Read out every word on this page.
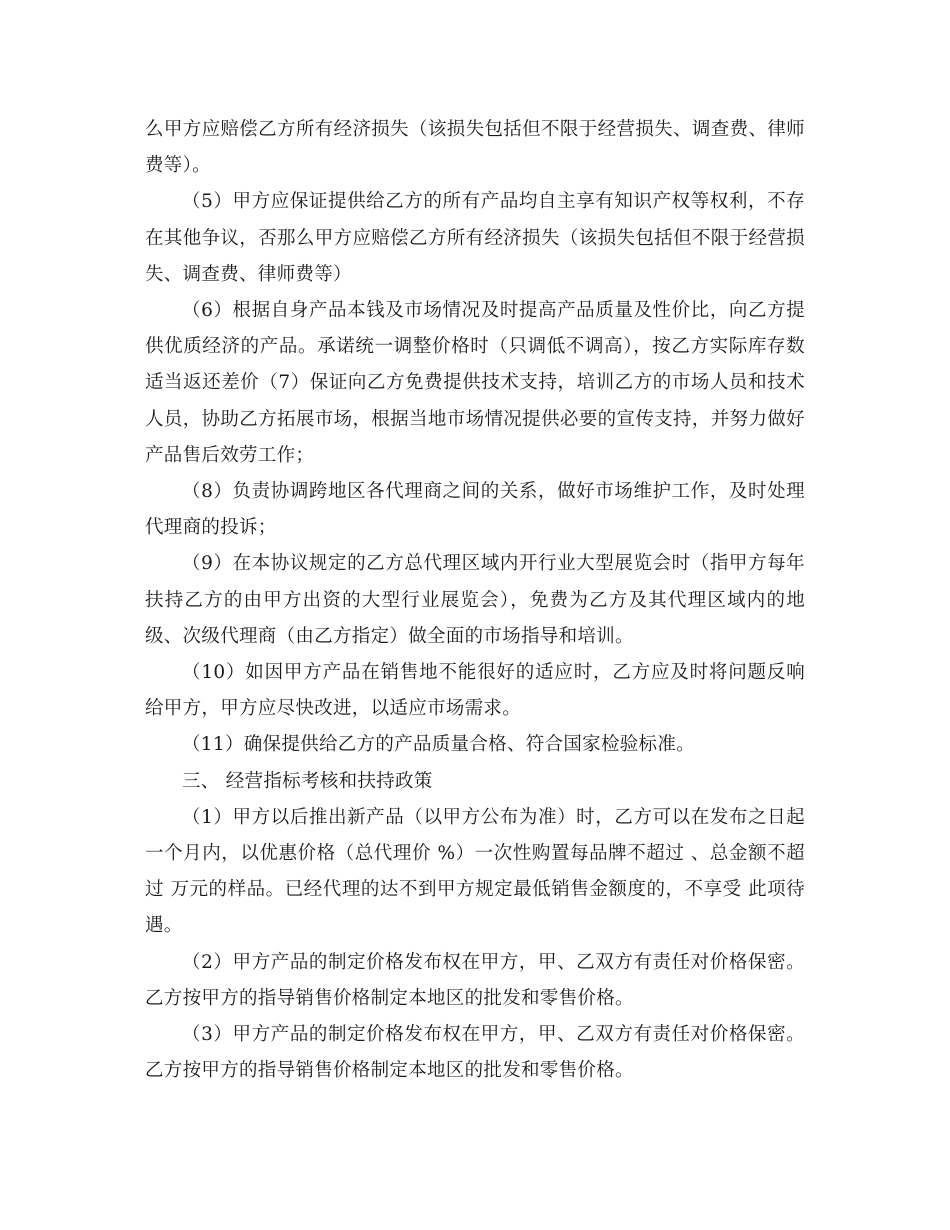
么甲方应赔偿乙方所有经济损失（该损失包括但不限于经营损失、调查费、律师费等）。

（5）甲方应保证提供给乙方的所有产品均自主享有知识产权等权利，不存在其他争议，否那么甲方应赔偿乙方所有经济损失（该损失包括但不限于经营损失、调查费、律师费等）

（6）根据自身产品本钱及市场情况及时提高产品质量及性价比，向乙方提供优质经济的产品。承诺统一调整价格时（只调低不调高），按乙方实际库存数适当返还差价（7）保证向乙方免费提供技术支持，培训乙方的市场人员和技术人员，协助乙方拓展市场，根据当地市场情况提供必要的宣传支持，并努力做好产品售后效劳工作；

（8）负责协调跨地区各代理商之间的关系，做好市场维护工作，及时处理代理商的投诉；

（9）在本协议规定的乙方总代理区域内开行业大型展览会时（指甲方每年扶持乙方的由甲方出资的大型行业展览会），免费为乙方及其代理区域内的地级、次级代理商（由乙方指定）做全面的市场指导和培训。

（10）如因甲方产品在销售地不能很好的适应时，乙方应及时将问题反响给甲方，甲方应尽快改进，以适应市场需求。

（11）确保提供给乙方的产品质量合格、符合国家检验标准。

三、 经营指标考核和扶持政策

（1）甲方以后推出新产品（以甲方公布为准）时，乙方可以在发布之日起一个月内，以优惠价格（总代理价 %）一次性购置每品牌不超过 、总金额不超过 万元的样品。已经代理的达不到甲方规定最低销售金额度的，不享受 此项待遇。

（2）甲方产品的制定价格发布权在甲方，甲、乙双方有责任对价格保密。乙方按甲方的指导销售价格制定本地区的批发和零售价格。

（3）甲方产品的制定价格发布权在甲方，甲、乙双方有责任对价格保密。乙方按甲方的指导销售价格制定本地区的批发和零售价格。
